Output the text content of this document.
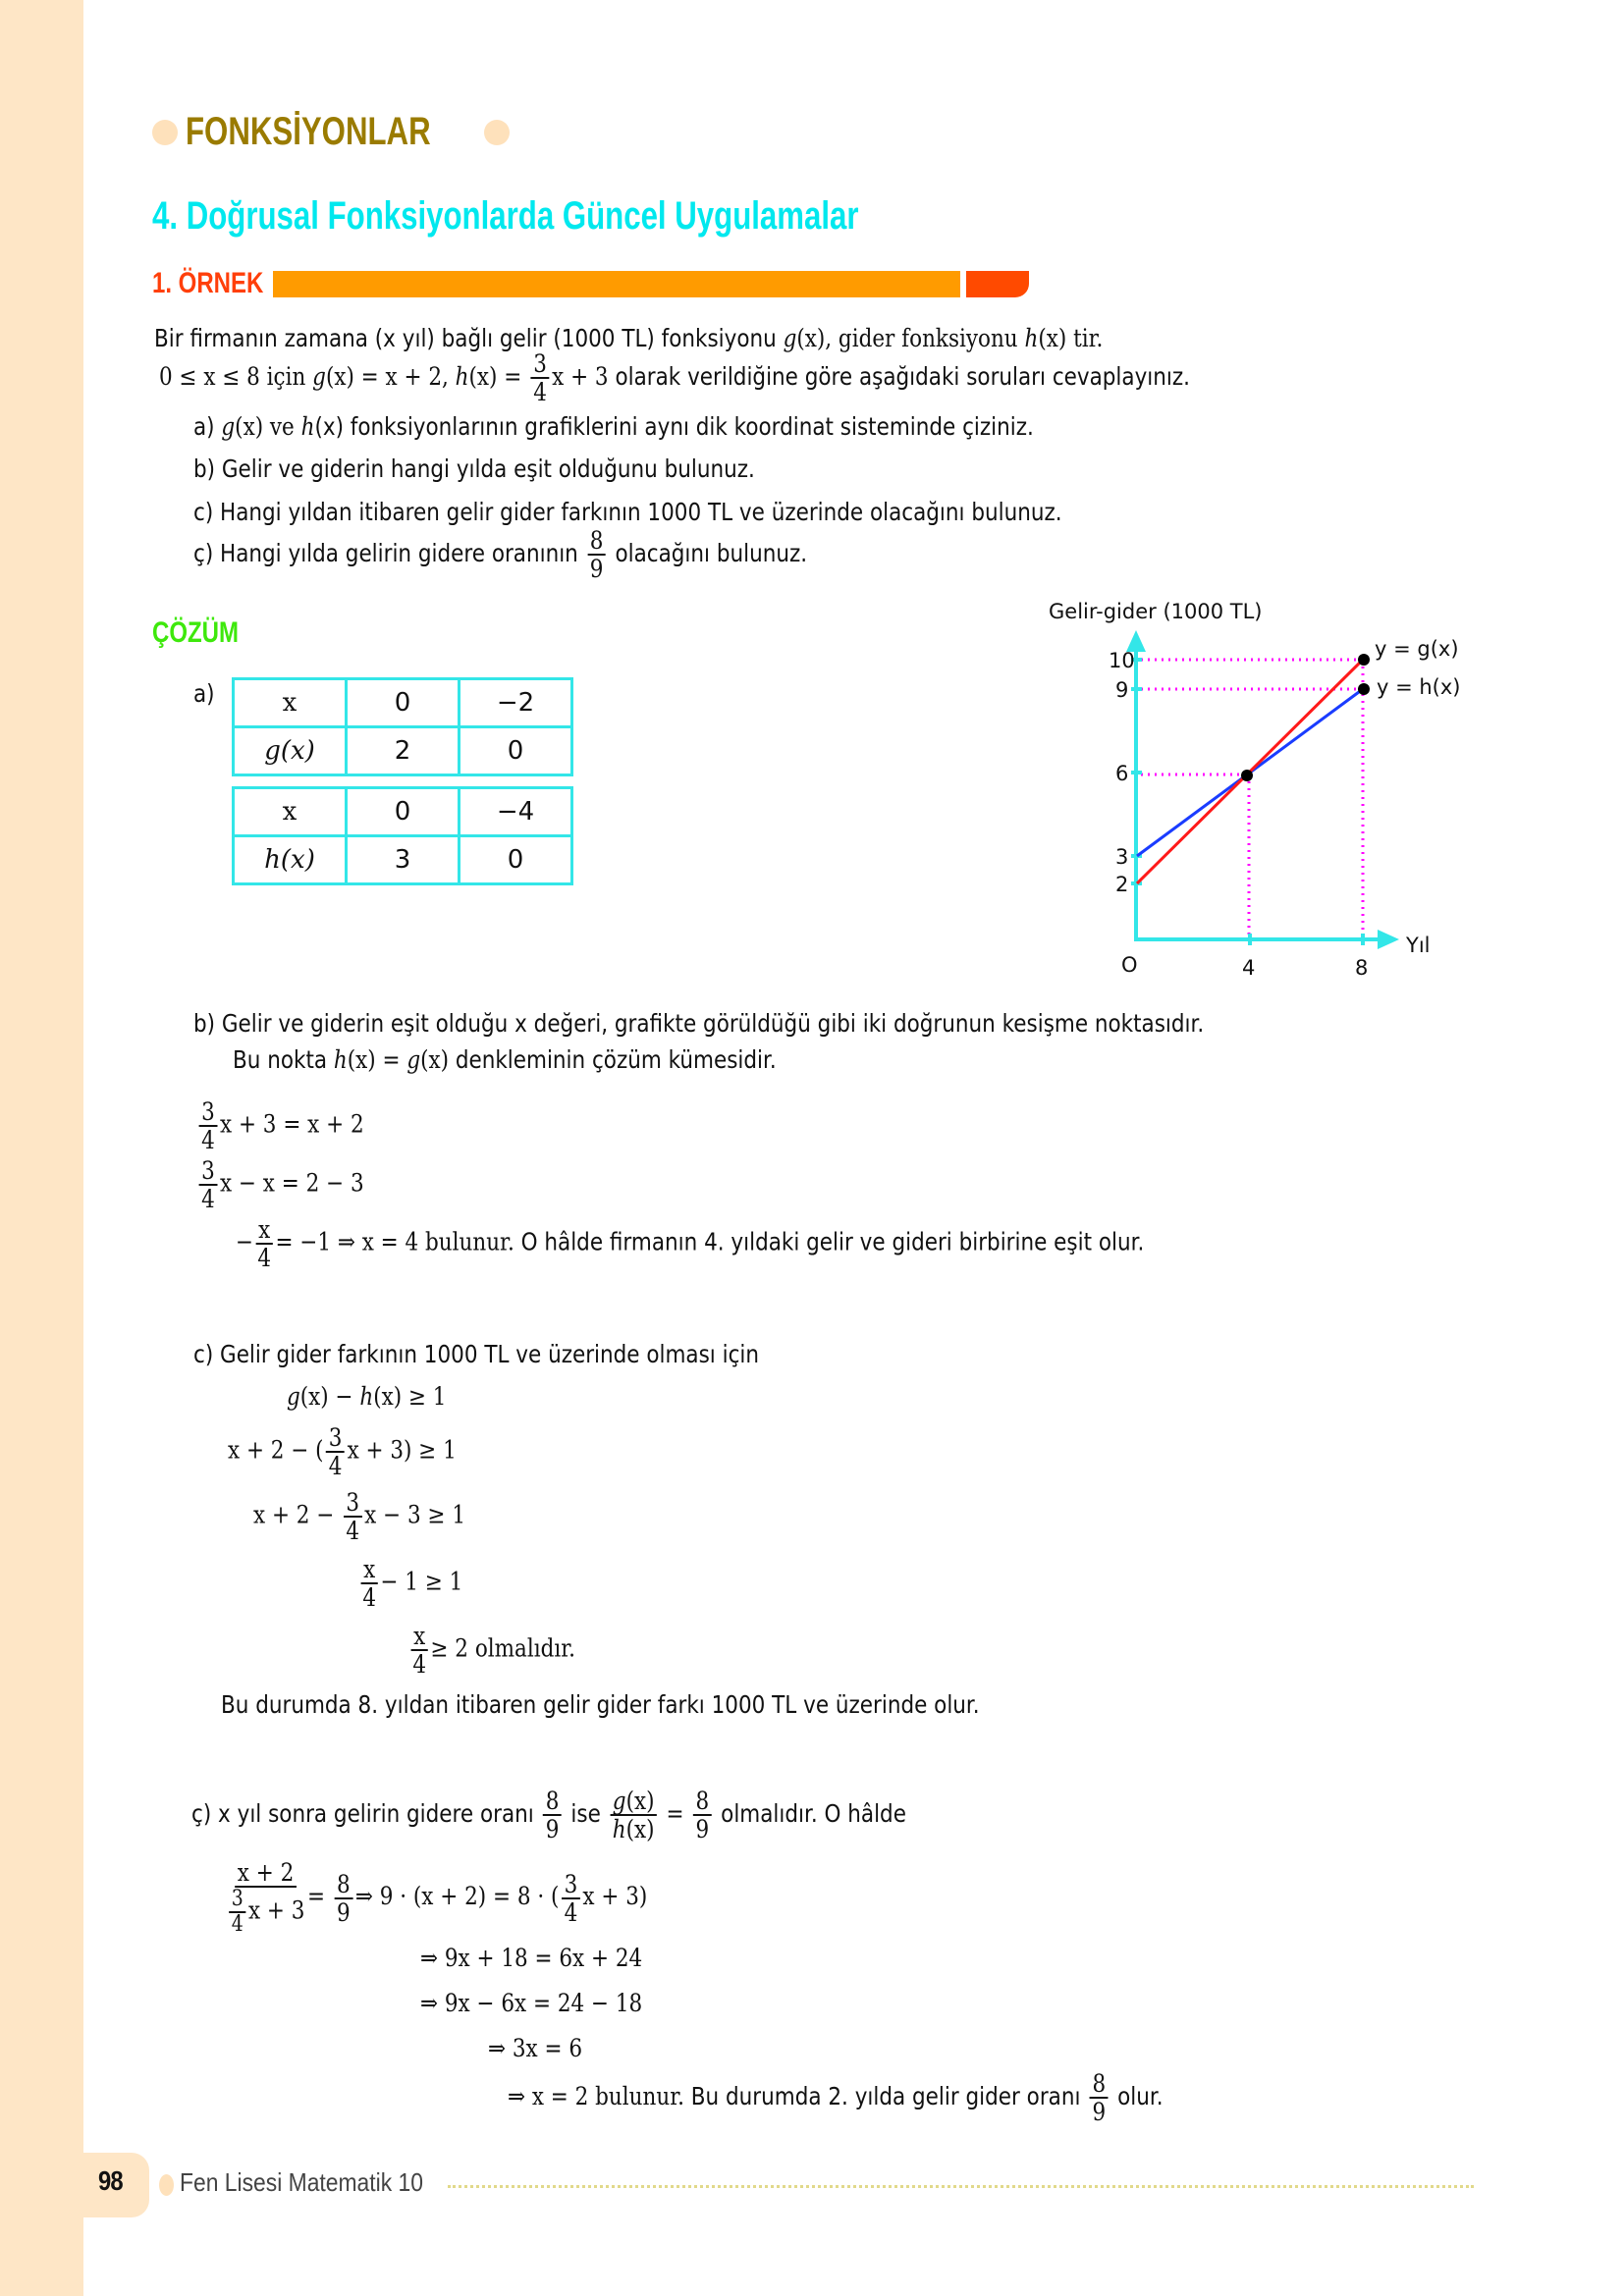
98 Fen Lisesi Matematik 10
FONKSİYONLAR
4. Doğrusal Fonksiyonlarda Güncel Uygulamalar
1. ÖRNEK
Bir firmanın zamana (x yıl) bağlı gelir (1000 TL) fonksiyonu g(x), gider fonksiyonu h(x) tir.
0 ≤ x ≤ 8 için g(x) = x + 2, $h(x) = \frac{3}{4}$ x + 3 olarak verildiğine göre aşağıdaki soruları cevaplayınız.
a) g(x) ve h(x) fonksiyonlarının grafiklerini aynı dik koordinat sisteminde çiziniz.
b) Gelir ve giderin hangi yılda eşit olduğunu bulunuz.
c) Hangi yıldan itibaren gelir gider farkının 1000 TL ve üzerinde olacağını bulunuz.
ç) Hangi yılda gelirin gidere oranının $\frac{8}{9}$ olacağını bulunuz.
ÇÖZÜM
a)	x	0	−2
g(x)	2	0
x	0	−4
h(x)	3	0
Gelir-gider (1000 TL)
10
9
6
3
2
O	4	8
Yıl
y = g(x)
y = h(x)
b) Gelir ve giderin eşit olduğu x değeri, grafikte görüldüğü gibi iki doğrunun kesişme noktasıdır.
Bu nokta h(x) = g(x) denkleminin çözüm kümesidir.
$\frac{3}{4}$ x + 3 = x + 2
$\frac{3}{4}$ x − x = 2 − 3
− $\frac{x}{4} = -1$ ⇒ x = 4 bulunur. O hâlde firmanın 4. yıldaki gelir ve gideri birbirine eşit olur.
c) Gelir gider farkının 1000 TL ve üzerinde olması için
g(x) − h(x) ≥ 1
x + 2 − ( $\frac{3}{4}$ x + 3) ≥ 1
$x + 2 - \frac{3}{4}$ x − 3 ≥ 1
$\frac{x}{4} - 1 \ge 1$
$\frac{x}{4} \ge 2$ olmalıdır.
Bu durumda 8. yıldan itibaren gelir gider farkı 1000 TL ve üzerinde olur.
ç) x yıl sonra gelirin gidere oranı $\frac{8}{9}$ ise $\frac{g(x)}{h(x)} = \frac{8}{9}$ olmalıdır. O hâlde
$\frac{x + 2}{\frac{3}{4} x + 3} = \frac{8}{9}$ ⇒ 9 · (x + 2) = 8 · ( $\frac{3}{4}$ x + 3)
⇒ 9x + 18 = 6x + 24
⇒ 9x − 6x = 24 − 18
⇒ 3x = 6
⇒ x = 2 bulunur. Bu durumda 2. yılda gelir gider oranı $\frac{8}{9}$ olur.
